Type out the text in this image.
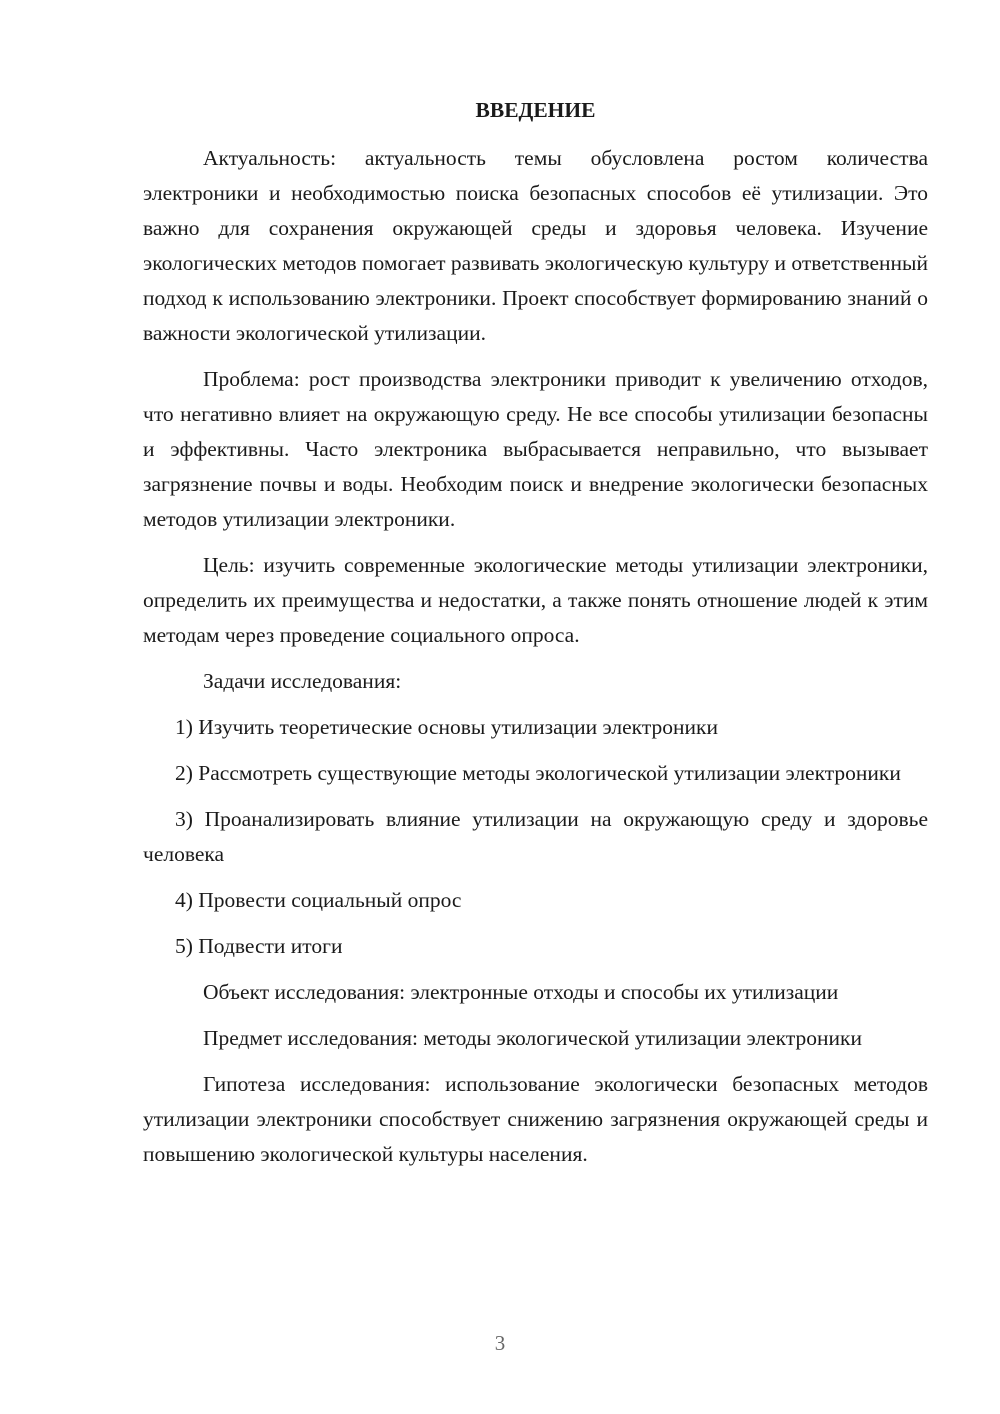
ВВЕДЕНИЕ

Актуальность: актуальность темы обусловлена ростом количества электроники и необходимостью поиска безопасных способов её утилизации. Это важно для сохранения окружающей среды и здоровья человека. Изучение экологических методов помогает развивать экологическую культуру и ответственный подход к использованию электроники. Проект способствует формированию знаний о важности экологической утилизации.

Проблема: рост производства электроники приводит к увеличению отходов, что негативно влияет на окружающую среду. Не все способы утилизации безопасны и эффективны. Часто электроника выбрасывается неправильно, что вызывает загрязнение почвы и воды. Необходим поиск и внедрение экологически безопасных методов утилизации электроники.

Цель: изучить современные экологические методы утилизации электроники, определить их преимущества и недостатки, а также понять отношение людей к этим методам через проведение социального опроса.

Задачи исследования:

1) Изучить теоретические основы утилизации электроники

2) Рассмотреть существующие методы экологической утилизации электроники

3) Проанализировать влияние утилизации на окружающую среду и здоровье человека

4) Провести социальный опрос

5) Подвести итоги

Объект исследования: электронные отходы и способы их утилизации

Предмет исследования: методы экологической утилизации электроники

Гипотеза исследования: использование экологически безопасных методов утилизации электроники способствует снижению загрязнения окружающей среды и повышению экологической культуры населения.

3
